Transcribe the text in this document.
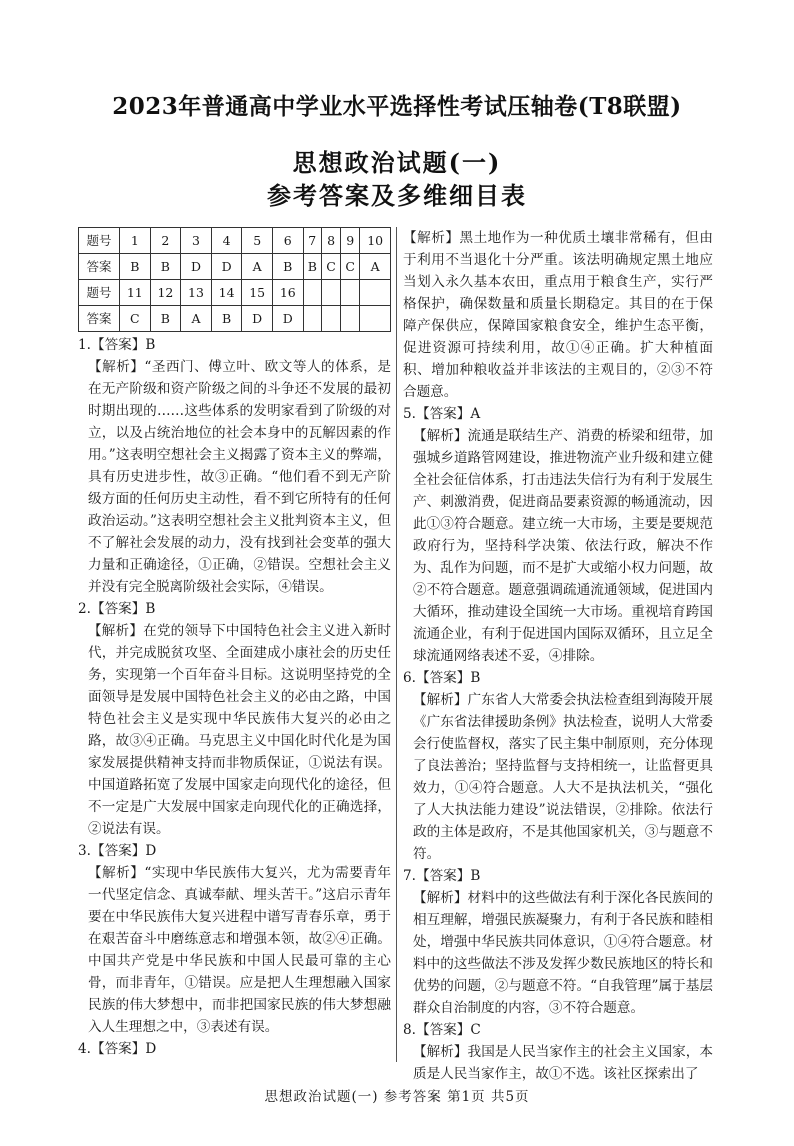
2023年普通高中学业水平选择性考试压轴卷(T8联盟)
思想政治试题(一)
参考答案及多维细目表
题号	1	2	3	4	5	6	7	8	9	10
答案	B	B	D	D	A	B	B	C	C	A
题号	11	12	13	14	15	16				
答案	C	B	A	B	D	D				

1.【答案】B

【解析】“圣西门、傅立叶、欧文等人的体系，是在无产阶级和资产阶级之间的斗争还不发展的最初时期出现的……这些体系的发明家看到了阶级的对立，以及占统治地位的社会本身中的瓦解因素的作用。”这表明空想社会主义揭露了资本主义的弊端，具有历史进步性，故③正确。“他们看不到无产阶级方面的任何历史主动性，看不到它所特有的任何政治运动。”这表明空想社会主义批判资本主义，但不了解社会发展的动力，没有找到社会变革的强大力量和正确途径，①正确，②错误。空想社会主义并没有完全脱离阶级社会实际，④错误。

2.【答案】B

【解析】在党的领导下中国特色社会主义进入新时代，并完成脱贫攻坚、全面建成小康社会的历史任务，实现第一个百年奋斗目标。这说明坚持党的全面领导是发展中国特色社会主义的必由之路，中国特色社会主义是实现中华民族伟大复兴的必由之路，故③④正确。马克思主义中国化时代化是为国家发展提供精神支持而非物质保证，①说法有误。中国道路拓宽了发展中国家走向现代化的途径，但不一定是广大发展中国家走向现代化的正确选择，②说法有误。

3.【答案】D

【解析】“实现中华民族伟大复兴，尤为需要青年一代坚定信念、真诚奉献、埋头苦干。”这启示青年要在中华民族伟大复兴进程中谱写青春乐章，勇于在艰苦奋斗中磨练意志和增强本领，故②④正确。中国共产党是中华民族和中国人民最可靠的主心骨，而非青年，①错误。应是把人生理想融入国家民族的伟大梦想中，而非把国家民族的伟大梦想融入人生理想之中，③表述有误。

4.【答案】D

【解析】黑土地作为一种优质土壤非常稀有，但由于利用不当退化十分严重。该法明确规定黑土地应当划入永久基本农田，重点用于粮食生产，实行严格保护，确保数量和质量长期稳定。其目的在于保障产保供应，保障国家粮食安全，维护生态平衡，促进资源可持续利用，故①④正确。扩大种植面积、增加种粮收益并非该法的主观目的，②③不符合题意。

5.【答案】A

【解析】流通是联结生产、消费的桥梁和纽带，加强城乡道路管网建设，推进物流产业升级和建立健全社会征信体系，打击违法失信行为有利于发展生产、刺激消费，促进商品要素资源的畅通流动，因此①③符合题意。建立统一大市场，主要是要规范政府行为，坚持科学决策、依法行政，解决不作为、乱作为问题，而不是扩大或缩小权力问题，故②不符合题意。题意强调疏通流通领域，促进国内大循环，推动建设全国统一大市场。重视培育跨国流通企业，有利于促进国内国际双循环，且立足全球流通网络表述不妥，④排除。

6.【答案】B

【解析】广东省人大常委会执法检查组到海陵开展《广东省法律援助条例》执法检查，说明人大常委会行使监督权，落实了民主集中制原则，充分体现了良法善治；坚持监督与支持相统一，让监督更具效力，①④符合题意。人大不是执法机关，“强化了人大执法能力建设”说法错误，②排除。依法行政的主体是政府，不是其他国家机关，③与题意不符。

7.【答案】B

【解析】材料中的这些做法有利于深化各民族间的相互理解，增强民族凝聚力，有利于各民族和睦相处，增强中华民族共同体意识，①④符合题意。材料中的这些做法不涉及发挥少数民族地区的特长和优势的问题，②与题意不符。“自我管理”属于基层群众自治制度的内容，③不符合题意。

8.【答案】C

【解析】我国是人民当家作主的社会主义国家，本质是人民当家作主，故①不选。该社区探索出了

思想政治试题(一) 参考答案 第1页 共5页
